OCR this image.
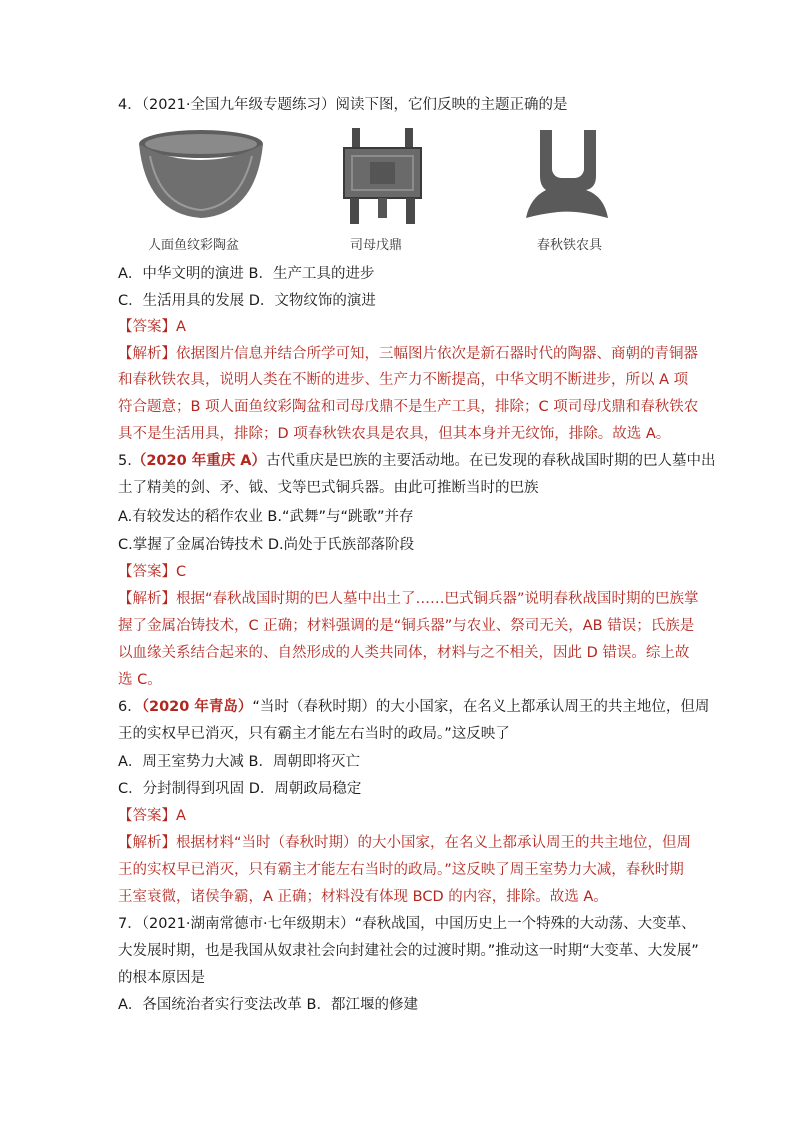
4．（2021·全国九年级专题练习）阅读下图，它们反映的主题正确的是
人面鱼纹彩陶盆	司母戊鼎	春秋铁农具
A．中华文明的演进 B．生产工具的进步
C．生活用具的发展 D．文物纹饰的演进
【答案】A
【解析】依据图片信息并结合所学可知，三幅图片依次是新石器时代的陶器、商朝的青铜器
和春秋铁农具，说明人类在不断的进步、生产力不断提高，中华文明不断进步，所以 A 项
符合题意；B 项人面鱼纹彩陶盆和司母戊鼎不是生产工具，排除；C 项司母戊鼎和春秋铁农
具不是生活用具，排除；D 项春秋铁农具是农具，但其本身并无纹饰，排除。故选 A。
5.（2020 年重庆 A）古代重庆是巴族的主要活动地。在已发现的春秋战国时期的巴人墓中出
土了精美的剑、矛、钺、戈等巴式铜兵器。由此可推断当时的巴族
A.有较发达的稻作农业 B.“武舞”与“跳歌”并存
C.掌握了金属冶铸技术 D.尚处于氏族部落阶段
【答案】C
【解析】根据“春秋战国时期的巴人墓中出土了……巴式铜兵器”说明春秋战国时期的巴族掌
握了金属冶铸技术，C 正确；材料强调的是“铜兵器”与农业、祭司无关，AB 错误；氏族是
以血缘关系结合起来的、自然形成的人类共同体，材料与之不相关，因此 D 错误。综上故
选 C。
6．（2020 年青岛）“当时（春秋时期）的大小国家，在名义上都承认周王的共主地位，但周
王的实权早已消灭，只有霸主才能左右当时的政局。”这反映了
A．周王室势力大减 B．周朝即将灭亡
C．分封制得到巩固 D．周朝政局稳定
【答案】A
【解析】根据材料“当时（春秋时期）的大小国家，在名义上都承认周王的共主地位，但周
王的实权早已消灭，只有霸主才能左右当时的政局。”这反映了周王室势力大减，春秋时期
王室衰微，诸侯争霸，A 正确；材料没有体现 BCD 的内容，排除。故选 A。
7．（2021·湖南常德市·七年级期末）“春秋战国，中国历史上一个特殊的大动荡、大变革、
大发展时期，也是我国从奴隶社会向封建社会的过渡时期。”推动这一时期“大变革、大发展”
的根本原因是
A．各国统治者实行变法改革 B．都江堰的修建
